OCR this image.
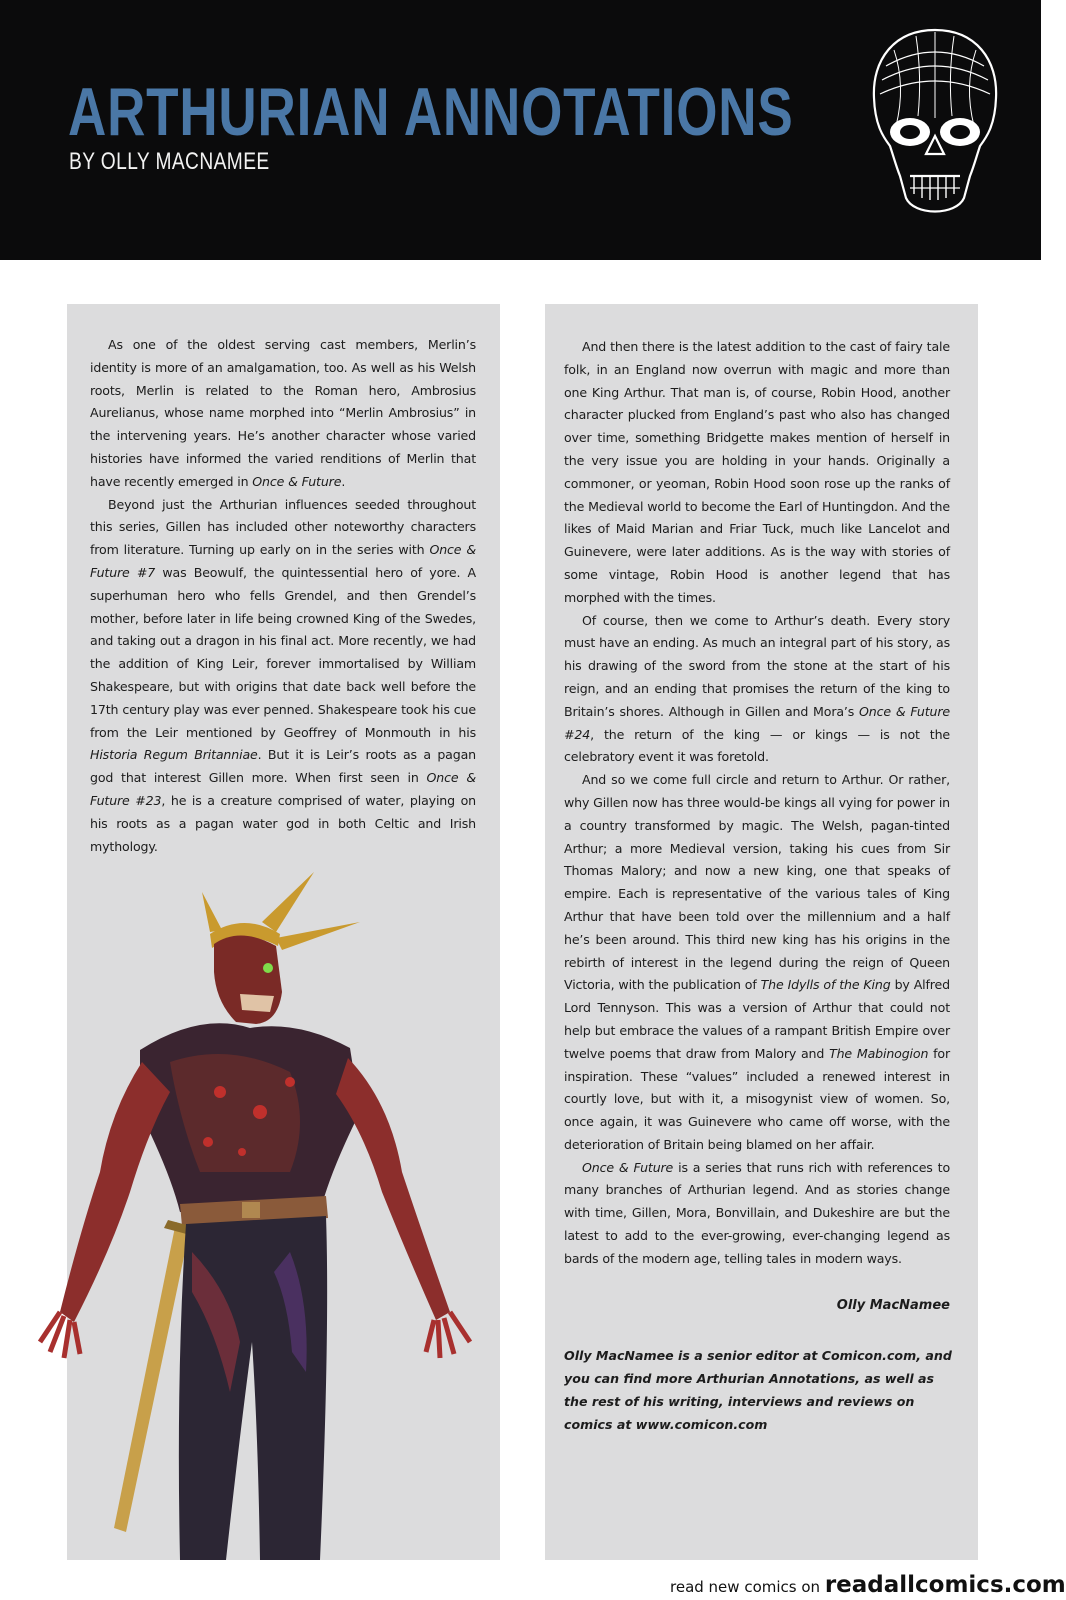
ARTHURIAN ANNOTATIONS
BY OLLY MACNAMEE

As one of the oldest serving cast members, Merlin’s identity is more of an amalgamation, too. As well as his Welsh roots, Merlin is related to the Roman hero, Ambrosius Aurelianus, whose name morphed into “Merlin Ambrosius” in the intervening years. He’s another character whose varied histories have informed the varied renditions of Merlin that have recently emerged in Once & Future.

Beyond just the Arthurian influences seeded throughout this series, Gillen has included other noteworthy characters from literature. Turning up early on in the series with Once & Future #7 was Beowulf, the quintessential hero of yore. A superhuman hero who fells Grendel, and then Grendel’s mother, before later in life being crowned King of the Swedes, and taking out a dragon in his final act. More recently, we had the addition of King Leir, forever immortalised by William Shakespeare, but with origins that date back well before the 17th century play was ever penned. Shakespeare took his cue from the Leir mentioned by Geoffrey of Monmouth in his Historia Regum Britanniae. But it is Leir’s roots as a pagan god that interest Gillen more. When first seen in Once & Future #23, he is a creature comprised of water, playing on his roots as a pagan water god in both Celtic and Irish mythology.

And then there is the latest addition to the cast of fairy tale folk, in an England now overrun with magic and more than one King Arthur. That man is, of course, Robin Hood, another character plucked from England’s past who also has changed over time, something Bridgette makes mention of herself in the very issue you are holding in your hands. Originally a commoner, or yeoman, Robin Hood soon rose up the ranks of the Medieval world to become the Earl of Huntingdon. And the likes of Maid Marian and Friar Tuck, much like Lancelot and Guinevere, were later additions. As is the way with stories of some vintage, Robin Hood is another legend that has morphed with the times.

Of course, then we come to Arthur’s death. Every story must have an ending. As much an integral part of his story, as his drawing of the sword from the stone at the start of his reign, and an ending that promises the return of the king to Britain’s shores. Although in Gillen and Mora’s Once & Future #24, the return of the king — or kings — is not the celebratory event it was foretold.

And so we come full circle and return to Arthur. Or rather, why Gillen now has three would-be kings all vying for power in a country transformed by magic. The Welsh, pagan-tinted Arthur; a more Medieval version, taking his cues from Sir Thomas Malory; and now a new king, one that speaks of empire. Each is representative of the various tales of King Arthur that have been told over the millennium and a half he’s been around. This third new king has his origins in the rebirth of interest in the legend during the reign of Queen Victoria, with the publication of The Idylls of the King by Alfred Lord Tennyson. This was a version of Arthur that could not help but embrace the values of a rampant British Empire over twelve poems that draw from Malory and The Mabinogion for inspiration. These “values” included a renewed interest in courtly love, but with it, a misogynist view of women. So, once again, it was Guinevere who came off worse, with the deterioration of Britain being blamed on her affair.

Once & Future is a series that runs rich with references to many branches of Arthurian legend. And as stories change with time, Gillen, Mora, Bonvillain, and Dukeshire are but the latest to add to the ever-growing, ever-changing legend as bards of the modern age, telling tales in modern ways.

Olly MacNamee
Olly MacNamee is a senior editor at Comicon.com, and you can find more Arthurian Annotations, as well as the rest of his writing, interviews and reviews on comics at www.comicon.com
read new comics on readallcomics.com
